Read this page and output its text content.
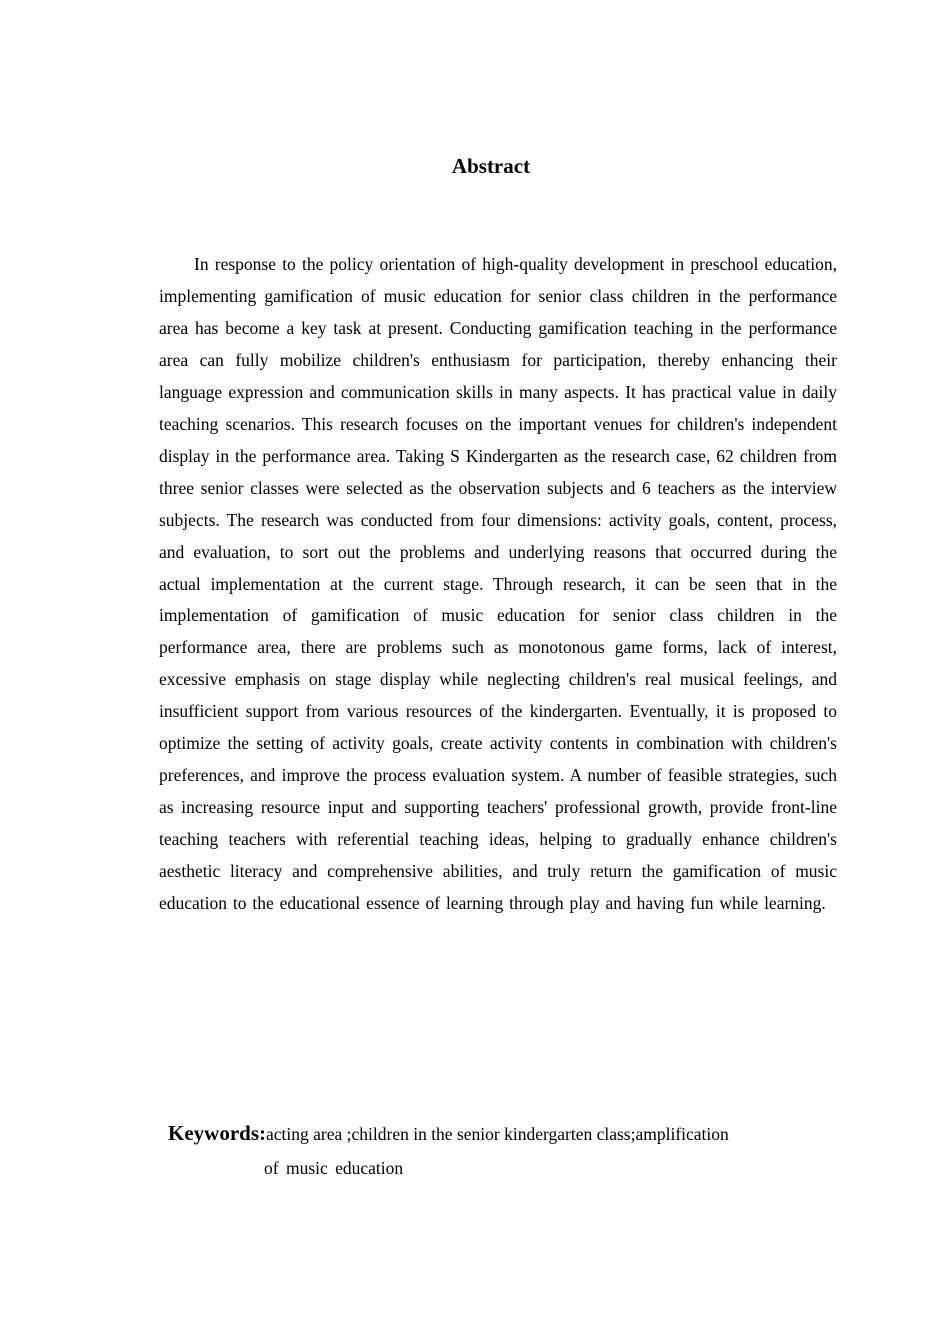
Abstract

In response to the policy orientation of high-quality development in preschool education, implementing gamification of music education for senior class children in the performance area has become a key task at present. Conducting gamification teaching in the performance area can fully mobilize children's enthusiasm for participation, thereby enhancing their language expression and communication skills in many aspects. It has practical value in daily teaching scenarios. This research focuses on the important venues for children's independent display in the performance area. Taking S Kindergarten as the research case, 62 children from three senior classes were selected as the observation subjects and 6 teachers as the interview subjects. The research was conducted from four dimensions: activity goals, content, process, and evaluation, to sort out the problems and underlying reasons that occurred during the actual implementation at the current stage. Through research, it can be seen that in the implementation of gamification of music education for senior class children in the performance area, there are problems such as monotonous game forms, lack of interest, excessive emphasis on stage display while neglecting children's real musical feelings, and insufficient support from various resources of the kindergarten. Eventually, it is proposed to optimize the setting of activity goals, create activity contents in combination with children's preferences, and improve the process evaluation system. A number of feasible strategies, such as increasing resource input and supporting teachers' professional growth, provide front-line teaching teachers with referential teaching ideas, helping to gradually enhance children's aesthetic literacy and comprehensive abilities, and truly return the gamification of music education to the educational essence of learning through play and having fun while learning.

Keywords:acting area ;children in the senior kindergarten class;amplification

of music education
